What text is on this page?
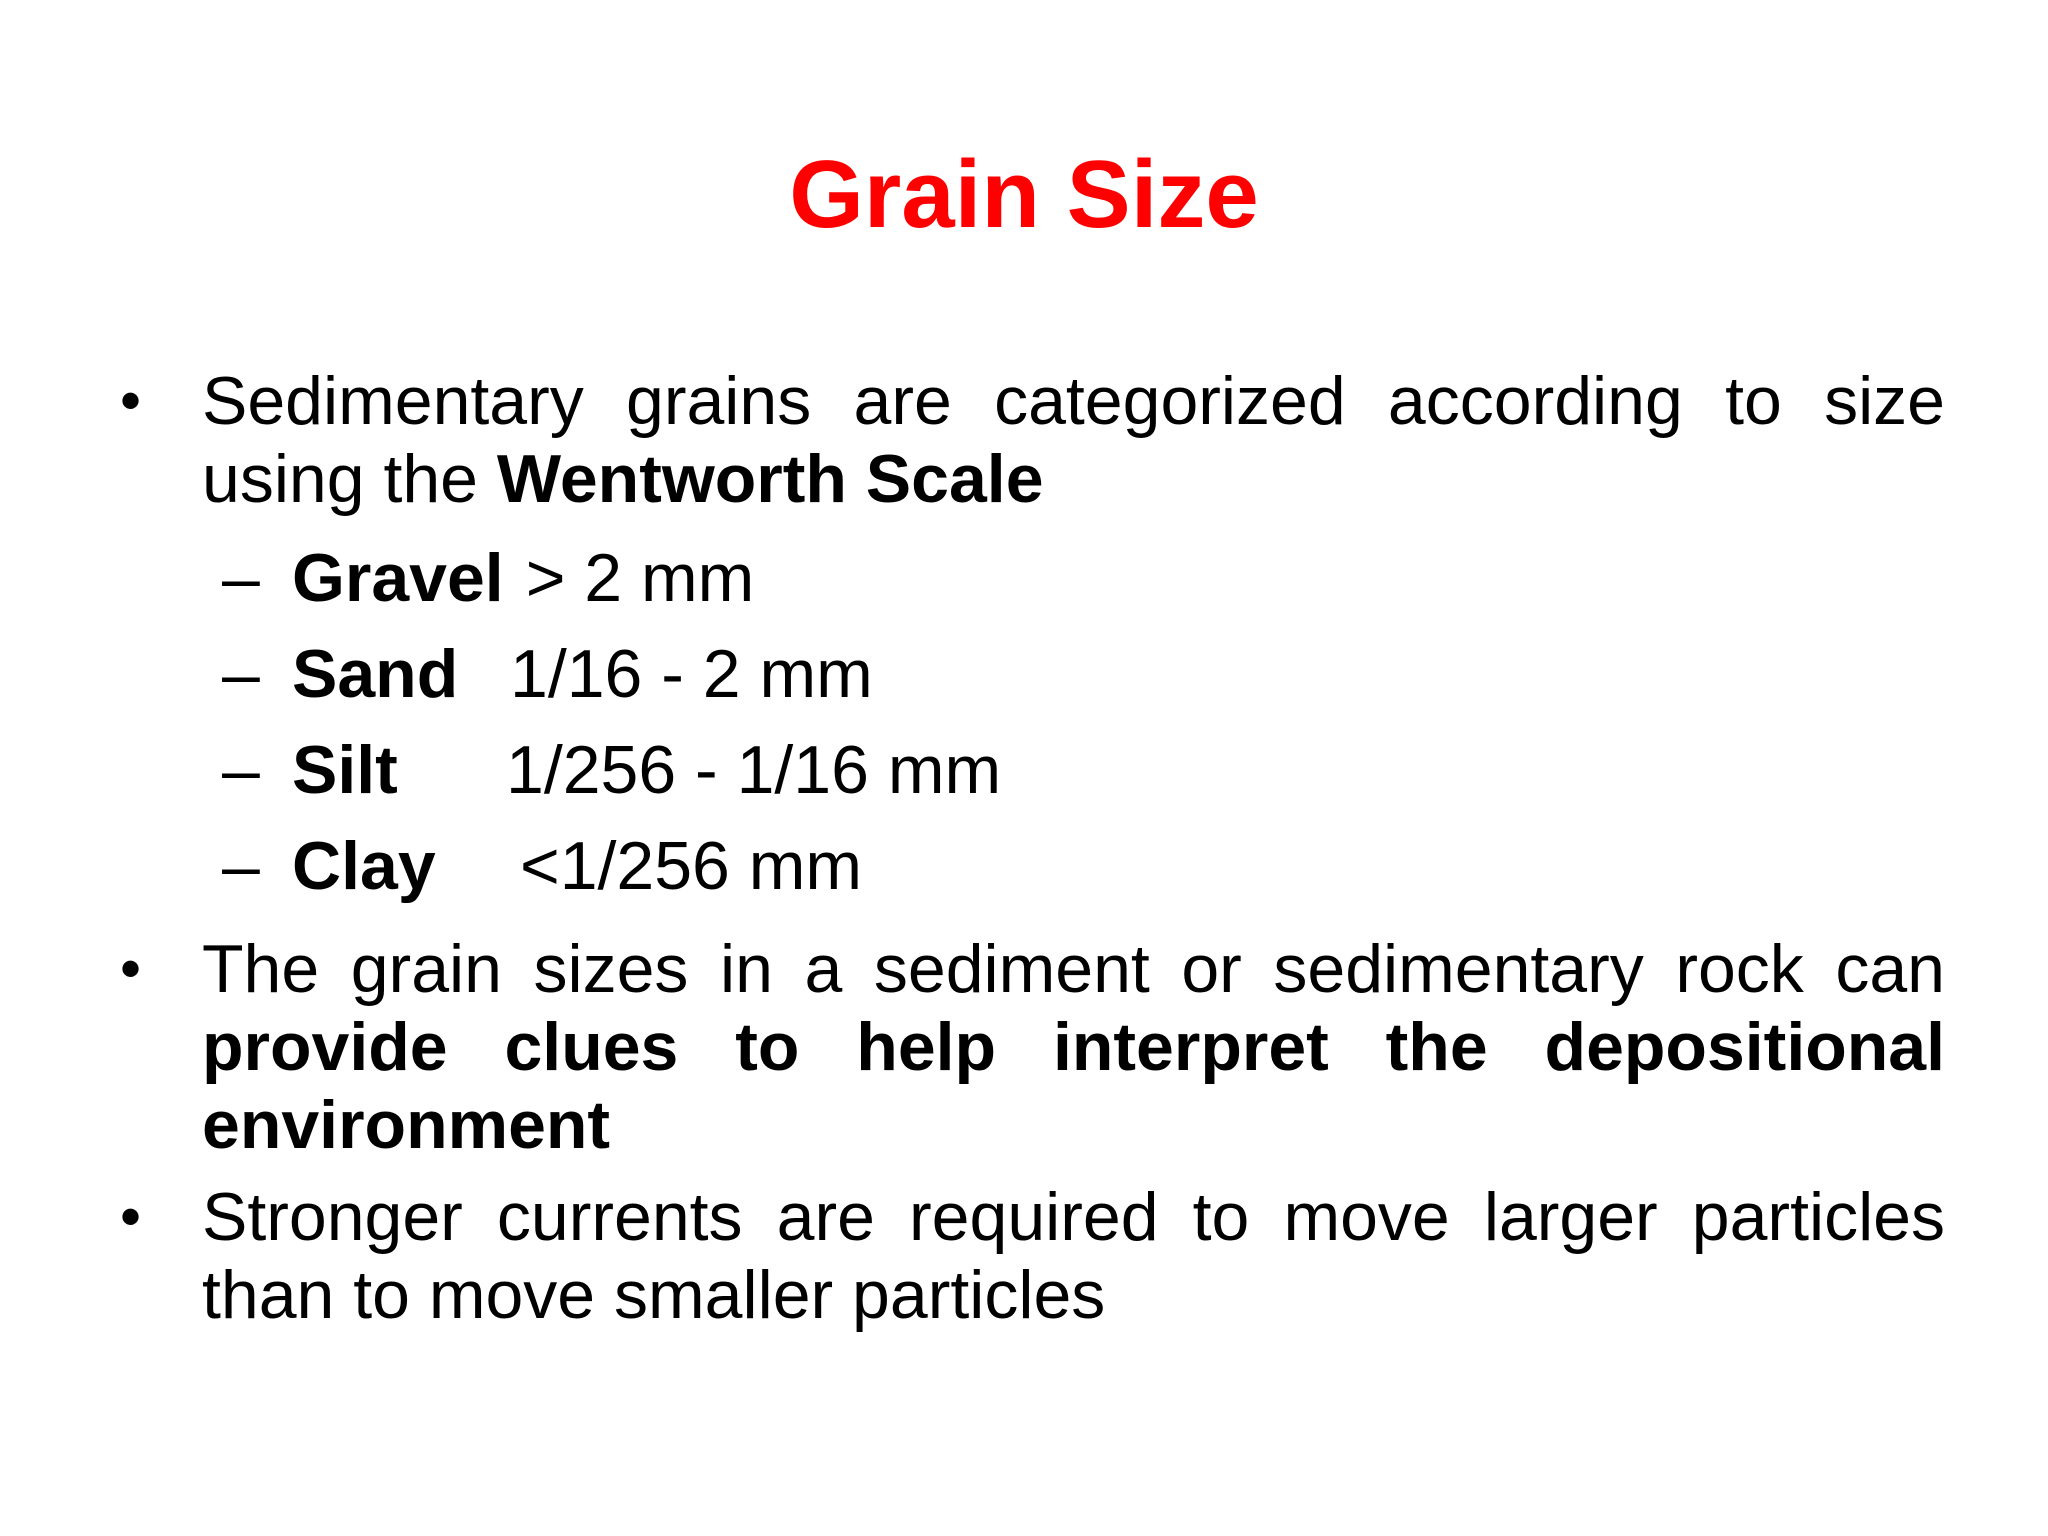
Grain Size

• Sedimentary grains are categorized according to size using the Wentworth Scale

– Gravel > 2 mm
– Sand 1/16 - 2 mm
– Silt 1/256 - 1/16 mm
– Clay <1/256 mm

• The grain sizes in a sediment or sedimentary rock can provide clues to help interpret the depositional environment

• Stronger currents are required to move larger particles than to move smaller particles
